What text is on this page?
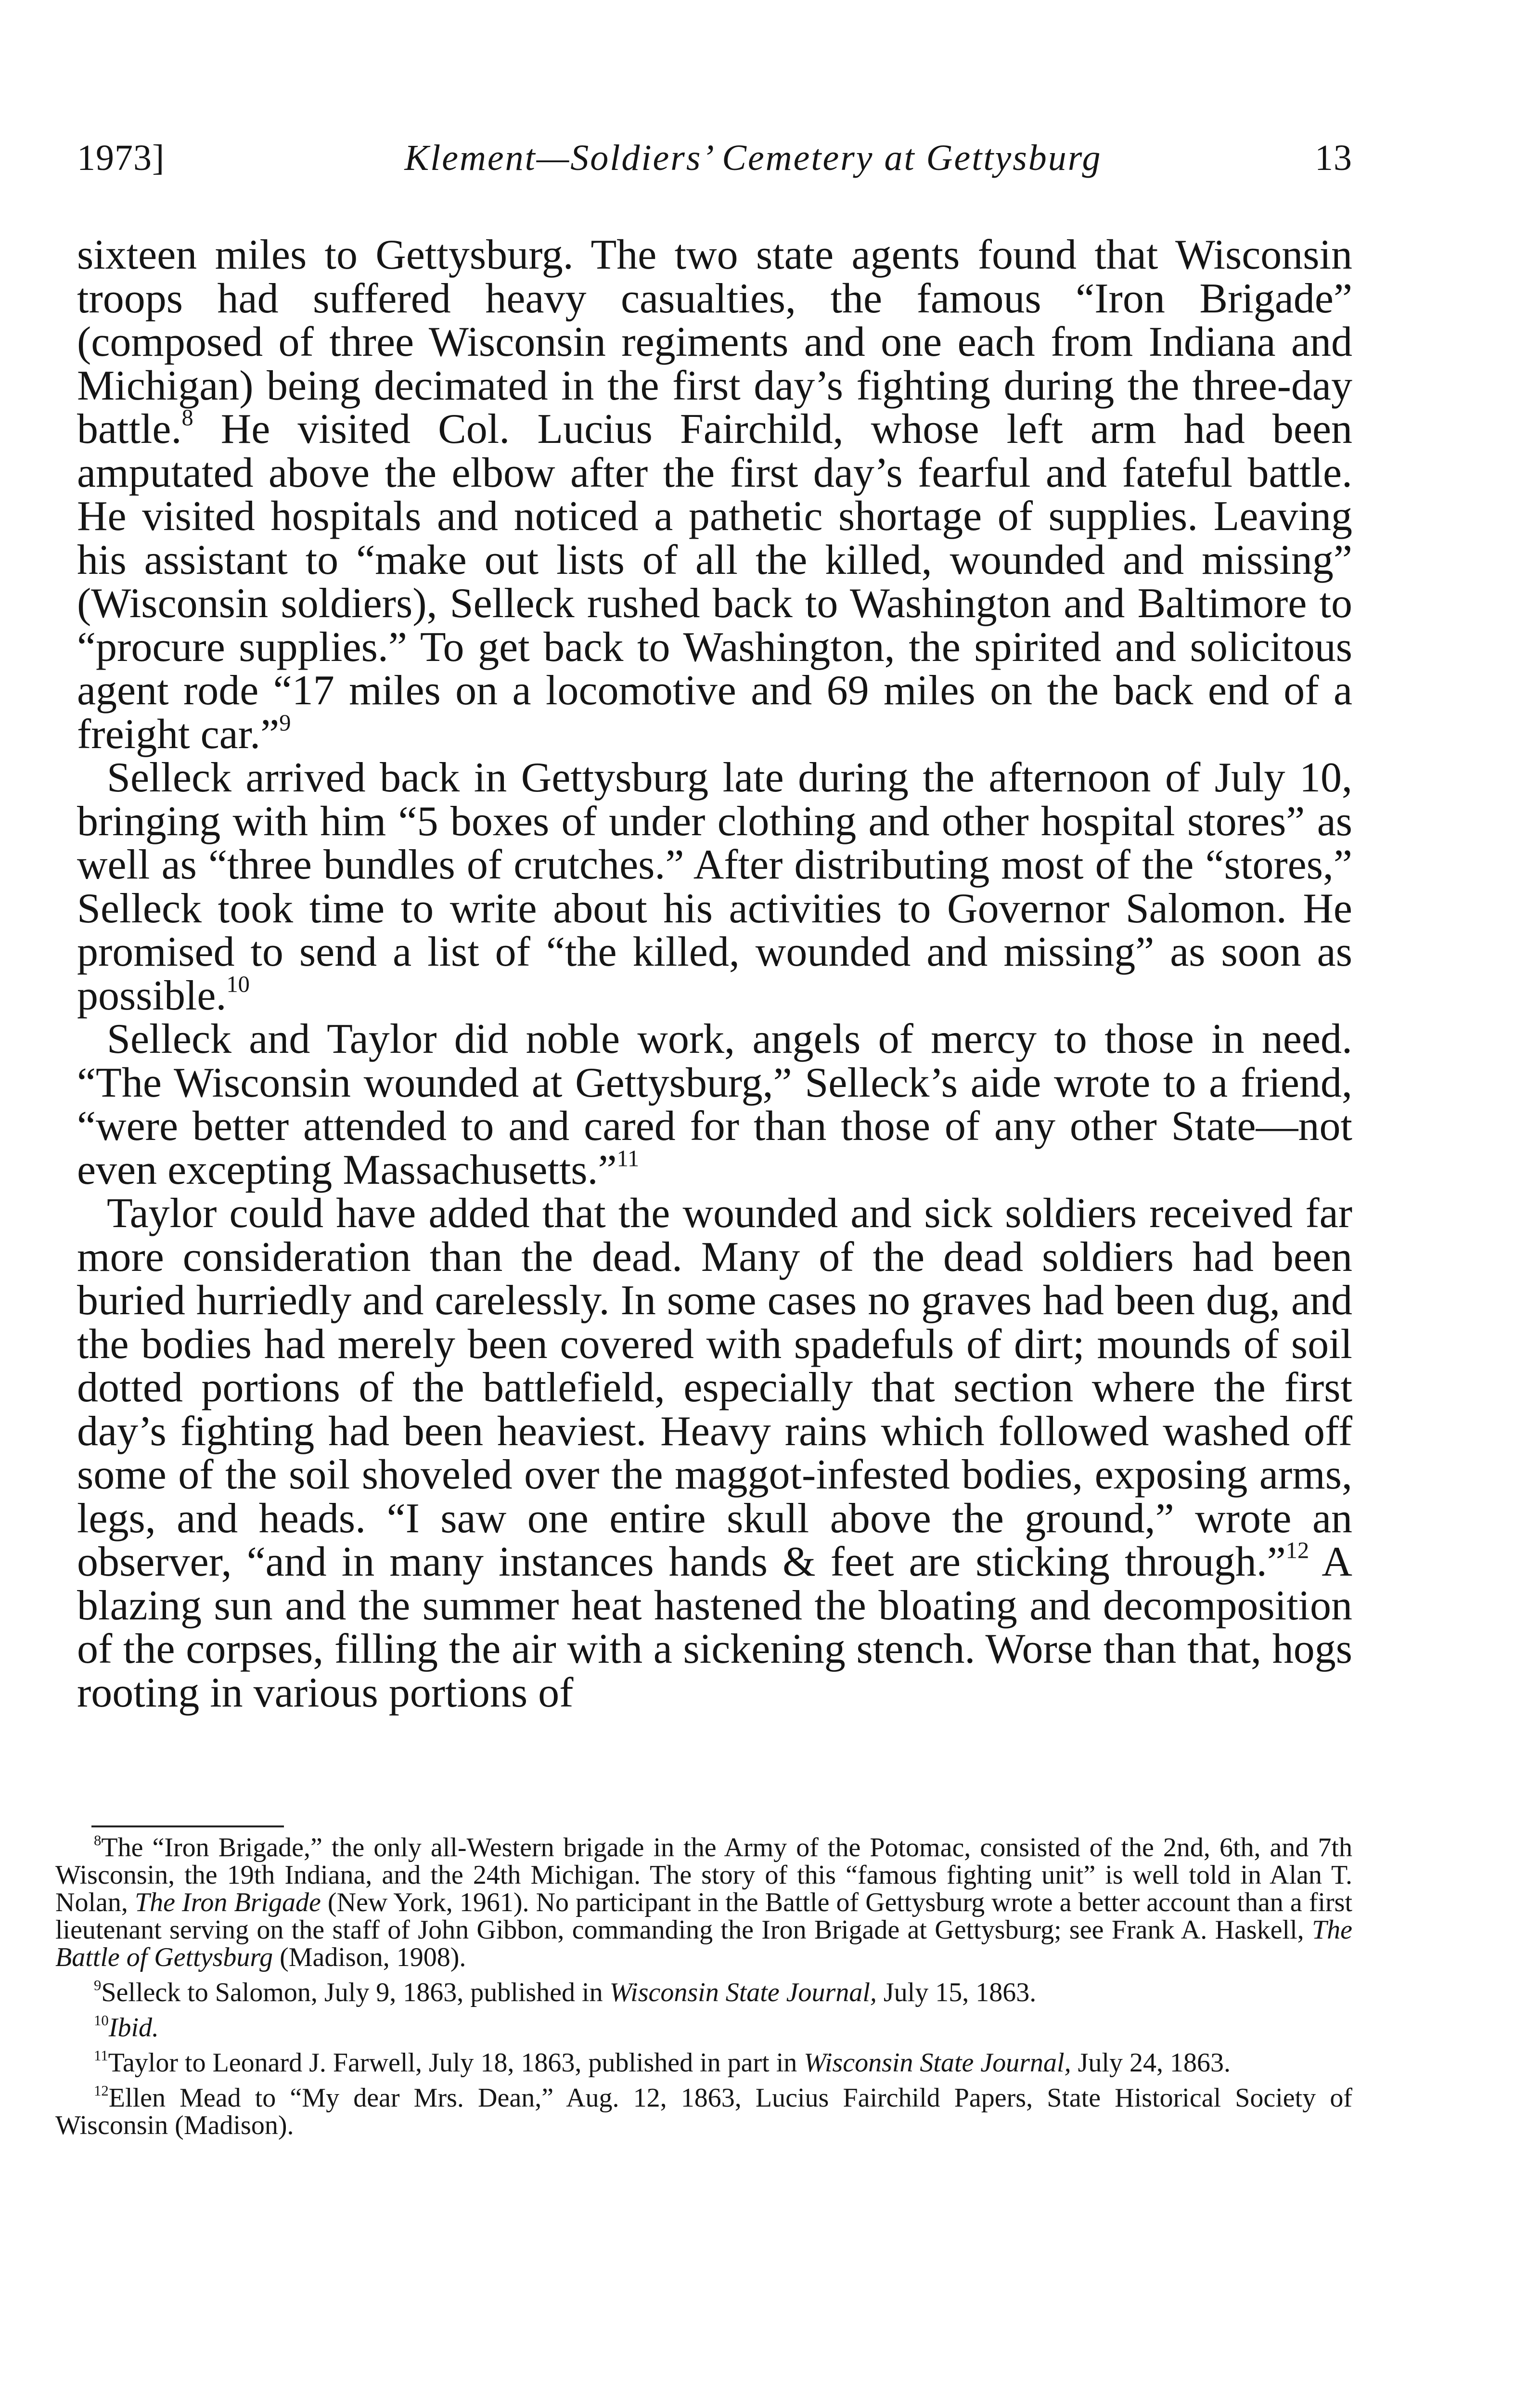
1973]	Klement—Soldiers’ Cemetery at Gettysburg	13

sixteen miles to Gettysburg. The two state agents found that Wisconsin troops had suffered heavy casualties, the famous “Iron Brigade” (composed of three Wisconsin regiments and one each from Indiana and Michigan) being decimated in the first day’s fighting during the three-day battle.$^8$ He visited Col. Lucius Fairchild, whose left arm had been amputated above the elbow after the first day’s fearful and fateful battle. He visited hospitals and noticed a pathetic shortage of supplies. Leaving his assistant to “make out lists of all the killed, wounded and missing” (Wisconsin soldiers), Selleck rushed back to Washington and Baltimore to “procure supplies.” To get back to Washington, the spirited and solicitous agent rode “17 miles on a locomotive and 69 miles on the back end of a freight car.”$^9$

Selleck arrived back in Gettysburg late during the afternoon of July 10, bringing with him “5 boxes of under clothing and other hospital stores” as well as “three bundles of crutches.” After distributing most of the “stores,” Selleck took time to write about his activities to Governor Salomon. He promised to send a list of “the killed, wounded and missing” as soon as possible.$^{10}$

Selleck and Taylor did noble work, angels of mercy to those in need. “The Wisconsin wounded at Gettysburg,” Selleck’s aide wrote to a friend, “were better attended to and cared for than those of any other State—not even excepting Massachusetts.”$^{11}$

Taylor could have added that the wounded and sick soldiers received far more consideration than the dead. Many of the dead soldiers had been buried hurriedly and carelessly. In some cases no graves had been dug, and the bodies had merely been covered with spadefuls of dirt; mounds of soil dotted portions of the battlefield, especially that section where the first day’s fighting had been heaviest. Heavy rains which followed washed off some of the soil shoveled over the maggot-infested bodies, exposing arms, legs, and heads. “I saw one entire skull above the ground,” wrote an observer, “and in many instances hands & feet are sticking through.”$^{12}$ A blazing sun and the summer heat hastened the bloating and decomposition of the corpses, filling the air with a sickening stench. Worse than that, hogs rooting in various portions of

$^8$The “Iron Brigade,” the only all-Western brigade in the Army of the Potomac, consisted of the 2nd, 6th, and 7th Wisconsin, the 19th Indiana, and the 24th Michigan. The story of this “famous fighting unit” is well told in Alan T. Nolan, The Iron Brigade (New York, 1961). No participant in the Battle of Gettysburg wrote a better account than a first lieutenant serving on the staff of John Gibbon, commanding the Iron Brigade at Gettysburg; see Frank A. Haskell, The Battle of Gettysburg (Madison, 1908).

$^9$Selleck to Salomon, July 9, 1863, published in Wisconsin State Journal, July 15, 1863.

$^{10}$Ibid.

$^{11}$Taylor to Leonard J. Farwell, July 18, 1863, published in part in Wisconsin State Journal, July 24, 1863.

$^{12}$Ellen Mead to “My dear Mrs. Dean,” Aug. 12, 1863, Lucius Fairchild Papers, State Historical Society of Wisconsin (Madison).
